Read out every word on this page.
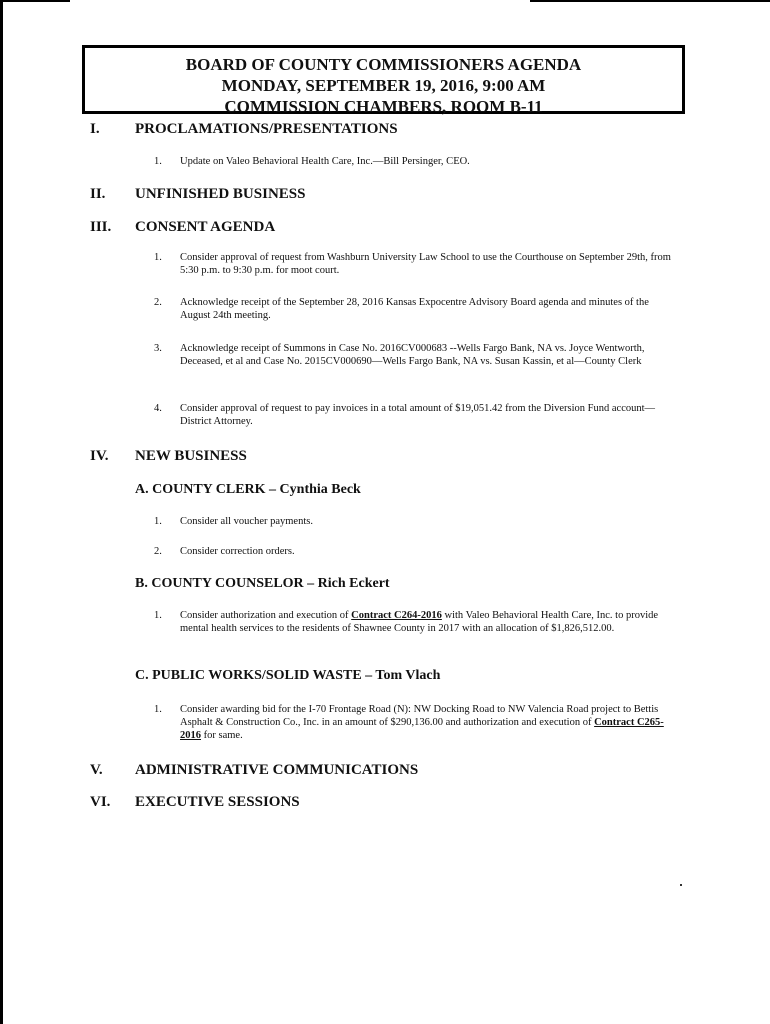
BOARD OF COUNTY COMMISSIONERS AGENDA
MONDAY, SEPTEMBER 19, 2016, 9:00 AM
COMMISSION CHAMBERS, ROOM B-11
I.	PROCLAMATIONS/PRESENTATIONS
1. Update on Valeo Behavioral Health Care, Inc.—Bill Persinger, CEO.
II.	UNFINISHED BUSINESS
III.	CONSENT AGENDA
1. Consider approval of request from Washburn University Law School to use the Courthouse on September 29th, from 5:30 p.m. to 9:30 p.m. for moot court.
2. Acknowledge receipt of the September 28, 2016 Kansas Expocentre Advisory Board agenda and minutes of the August 24th meeting.
3. Acknowledge receipt of Summons in Case No. 2016CV000683 --Wells Fargo Bank, NA vs. Joyce Wentworth, Deceased, et al and Case No. 2015CV000690—Wells Fargo Bank, NA vs. Susan Kassin, et al—County Clerk
4. Consider approval of request to pay invoices in a total amount of $19,051.42 from the Diversion Fund account—District Attorney.
IV.	NEW BUSINESS
A. COUNTY CLERK – Cynthia Beck
1. Consider all voucher payments.
2. Consider correction orders.
B. COUNTY COUNSELOR – Rich Eckert
1. Consider authorization and execution of Contract C264-2016 with Valeo Behavioral Health Care, Inc. to provide mental health services to the residents of Shawnee County in 2017 with an allocation of $1,826,512.00.
C. PUBLIC WORKS/SOLID WASTE – Tom Vlach
1. Consider awarding bid for the I-70 Frontage Road (N): NW Docking Road to NW Valencia Road project to Bettis Asphalt & Construction Co., Inc. in an amount of $290,136.00 and authorization and execution of Contract C265-2016 for same.
V.	ADMINISTRATIVE COMMUNICATIONS
VI.	EXECUTIVE SESSIONS
